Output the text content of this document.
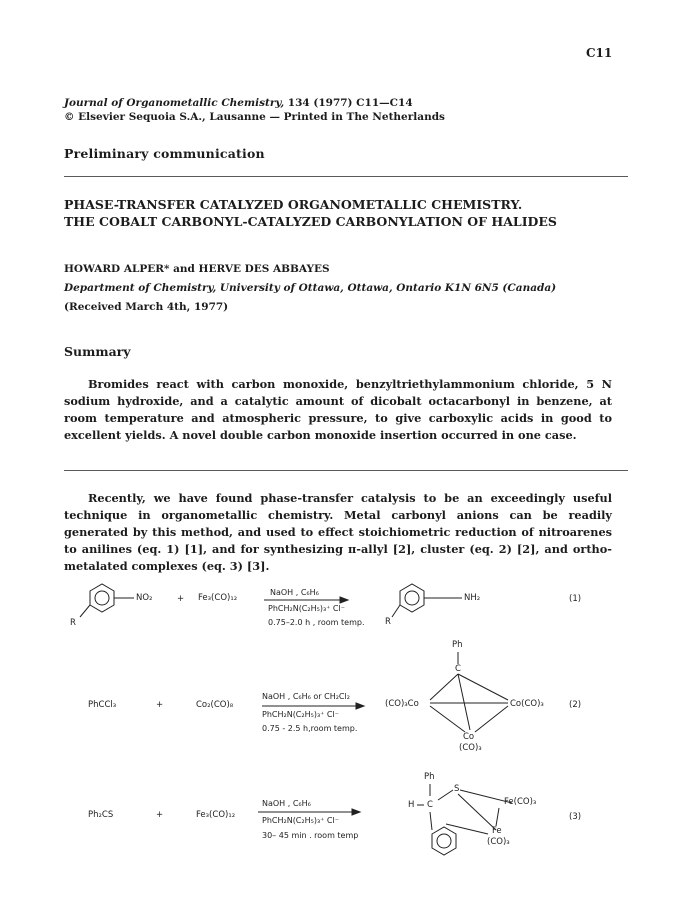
C11
Journal of Organometallic Chemistry, 134 (1977) C11—C14
© Elsevier Sequoia S.A., Lausanne — Printed in The Netherlands
Preliminary communication
PHASE-TRANSFER CATALYZED ORGANOMETALLIC CHEMISTRY.
THE COBALT CARBONYL-CATALYZED CARBONYLATION OF HALIDES
HOWARD ALPER* and HERVE DES ABBAYES
Department of Chemistry, University of Ottawa, Ottawa, Ontario K1N 6N5 (Canada)
(Received March 4th, 1977)
Summary
Bromides react with carbon monoxide, benzyltriethylammonium chloride, 5 N sodium hydroxide, and a catalytic amount of dicobalt octacarbonyl in benzene, at room temperature and atmospheric pressure, to give carboxylic acids in good to excellent yields. A novel double carbon monoxide insertion occurred in one case.
Recently, we have found phase-transfer catalysis to be an exceedingly useful technique in organometallic chemistry. Metal carbonyl anions can be readily generated by this method, and used to effect stoichiometric reduction of nitroarenes to anilines (eq. 1) [1], and for synthesizing π-allyl [2], cluster (eq. 2) [2], and ortho-metalated complexes (eq. 3) [3].
NO₂
R
+ Fe₃(CO)₁₂
NaOH , C₆H₆
PhCH₂N(C₂H₅)₃⁺ Cl⁻
0.75–2.0 h , room temp.
NH₂
R
(1)
PhCCl₃	+	Co₂(CO)₈
NaOH , C₆H₆ or CH₂Cl₂
PhCH₂N(C₂H₅)₃⁺ Cl⁻
0.75 - 2.5 h,room temp.
Ph
C
(CO)₃Co	Co(CO)₃
Co
(CO)₃
(2)
Ph₂CS	+	Fe₃(CO)₁₂
NaOH , C₆H₆
PhCH₂N(C₂H₅)₃⁺ Cl⁻
30– 45 min . room temp
Ph
H C
S
Fe(CO)₃
Fe
(CO)₃
(3)
